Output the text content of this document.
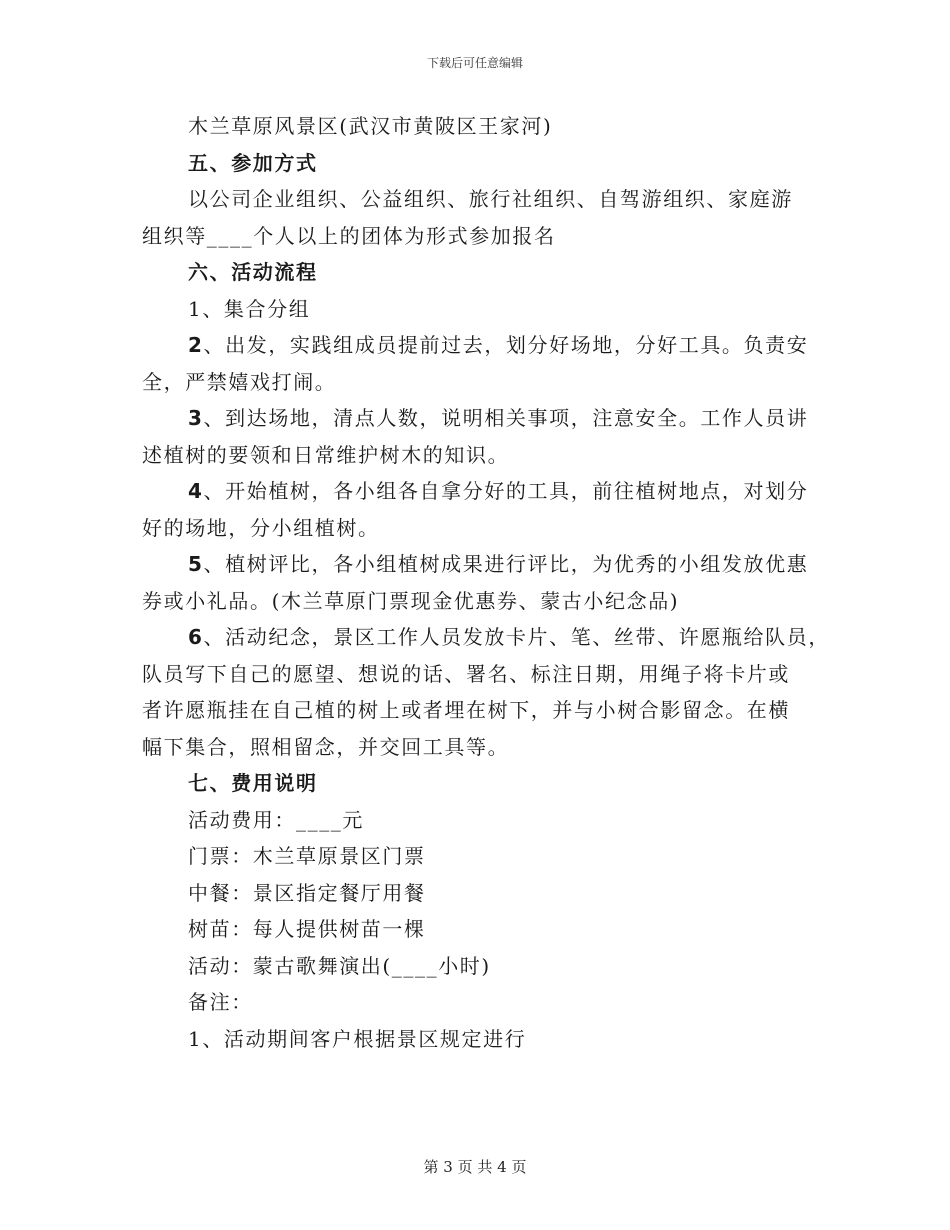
下载后可任意编辑
木兰草原风景区(武汉市黄陂区王家河)
五、参加方式
以公司企业组织、公益组织、旅行社组织、自驾游组织、家庭游
组织等____个人以上的团体为形式参加报名
六、活动流程
1、集合分组
2、出发，实践组成员提前过去，划分好场地，分好工具。负责安
全，严禁嬉戏打闹。
3、到达场地，清点人数，说明相关事项，注意安全。工作人员讲
述植树的要领和日常维护树木的知识。
4、开始植树，各小组各自拿分好的工具，前往植树地点，对划分
好的场地，分小组植树。
5、植树评比，各小组植树成果进行评比，为优秀的小组发放优惠
券或小礼品。(木兰草原门票现金优惠券、蒙古小纪念品)
6、活动纪念，景区工作人员发放卡片、笔、丝带、许愿瓶给队员，
队员写下自己的愿望、想说的话、署名、标注日期，用绳子将卡片或
者许愿瓶挂在自己植的树上或者埋在树下，并与小树合影留念。在横
幅下集合，照相留念，并交回工具等。
七、费用说明
活动费用：____元
门票：木兰草原景区门票
中餐：景区指定餐厅用餐
树苗：每人提供树苗一棵
活动：蒙古歌舞演出(____小时)
备注：
1、活动期间客户根据景区规定进行
第 3 页 共 4 页
